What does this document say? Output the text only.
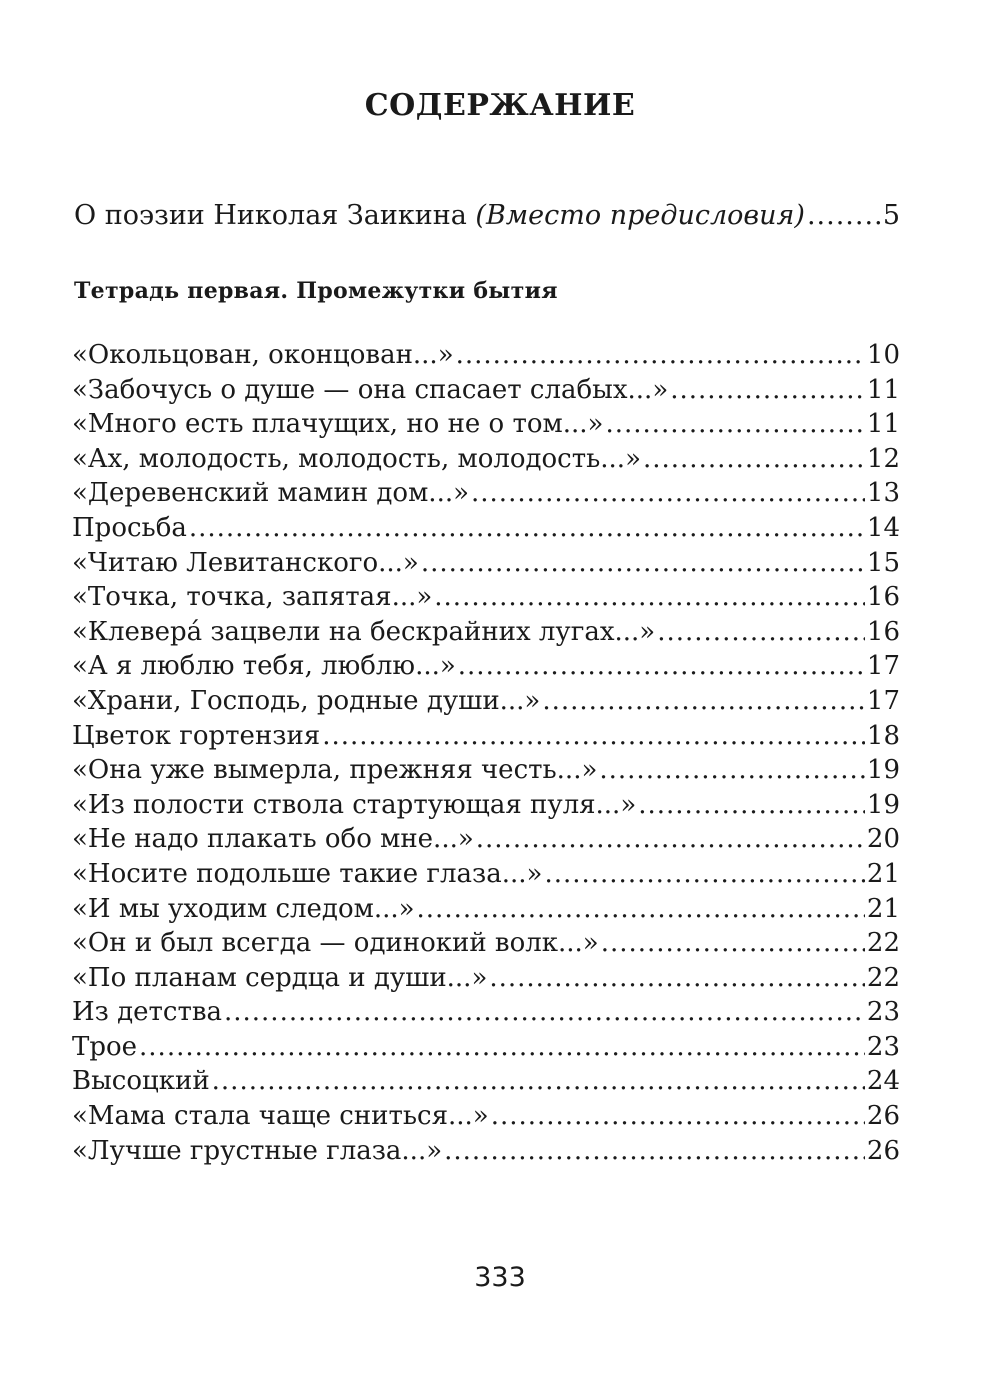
СОДЕРЖАНИЕ
О поэзии Николая Заикина (Вместо предисловия) .....	5
Тетрадь первая. Промежутки бытия
«Окольцован, оконцован...» .....	10
«Забочусь о душе — она спасает слабых...» .....	11
«Много есть плачущих, но не о том...» .....	11
«Ах, молодость, молодость, молодость...» .....	12
«Деревенский мамин дом...» .....	13
Просьба .....	14
«Читаю Левитанского...» .....	15
«Точка, точка, запятая...» .....	16
«Клевера́ зацвели на бескрайних лугах...» .....	16
«А я люблю тебя, люблю...» .....	17
«Храни, Господь, родные души...» .....	17
Цветок гортензия .....	18
«Она уже вымерла, прежняя честь...» .....	19
«Из полости ствола стартующая пуля...» .....	19
«Не надо плакать обо мне...» .....	20
«Носите подольше такие глаза...» .....	21
«И мы уходим следом...» .....	21
«Он и был всегда — одинокий волк...» .....	22
«По планам сердца и души...» .....	22
Из детства .....	23
Трое .....	23
Высоцкий .....	24
«Мама стала чаще сниться...» .....	26
«Лучше грустные глаза...» .....	26
333
